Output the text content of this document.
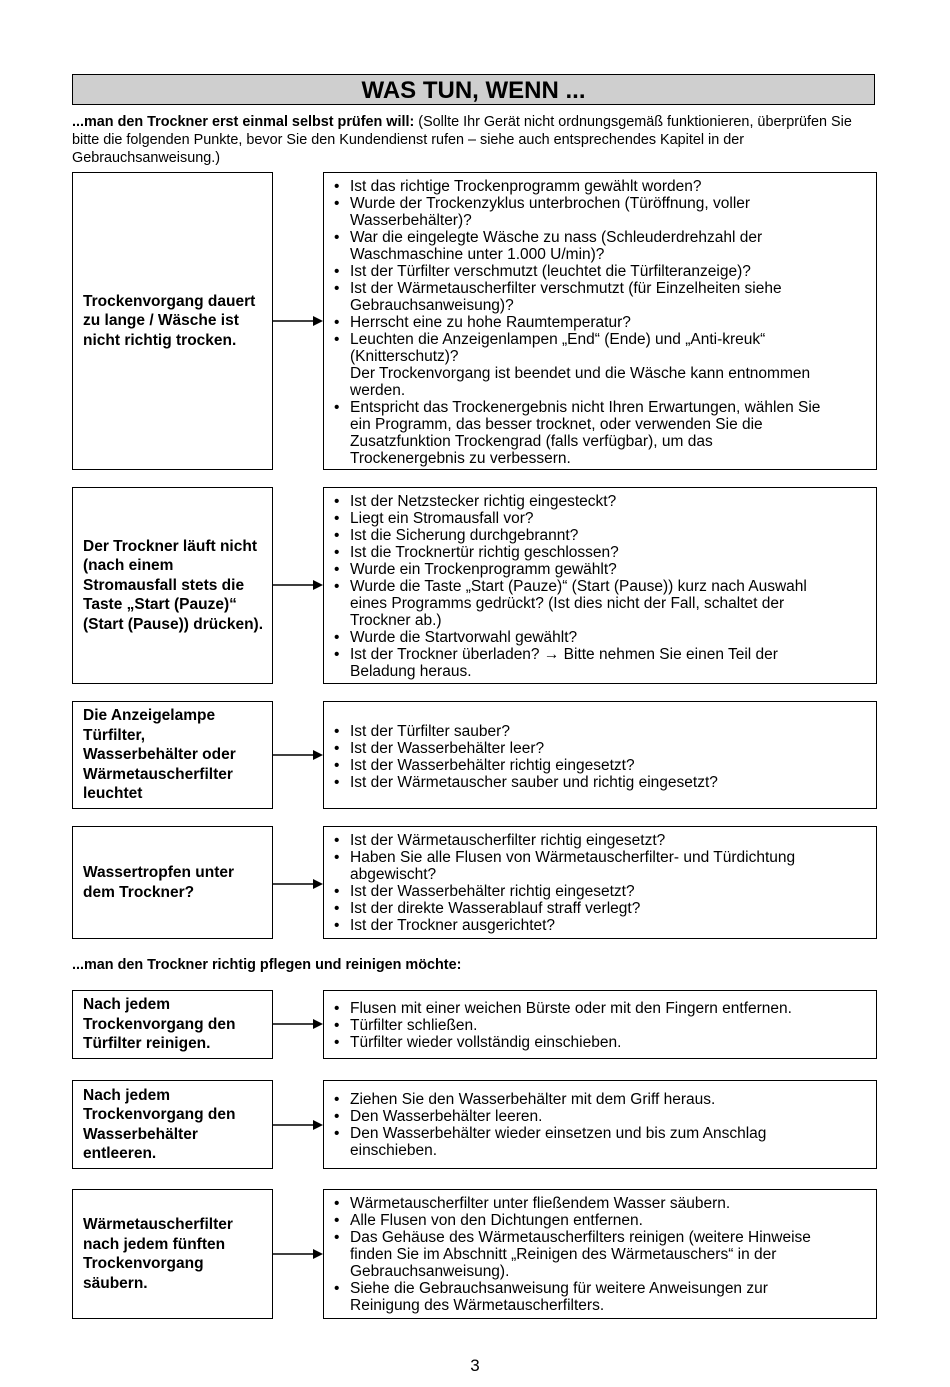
WAS TUN, WENN ...
...man den Trockner erst einmal selbst prüfen will: (Sollte Ihr Gerät nicht ordnungsgemäß funktionieren, überprüfen Sie bitte die folgenden Punkte, bevor Sie den Kundendienst rufen – siehe auch entsprechendes Kapitel in der Gebrauchsanweisung.)
Trockenvorgang dauert zu lange / Wäsche ist nicht richtig trocken.
• Ist das richtige Trockenprogramm gewählt worden?
• Wurde der Trockenzyklus unterbrochen (Türöffnung, voller
Wasserbehälter)?
• War die eingelegte Wäsche zu nass (Schleuderdrehzahl der
Waschmaschine unter 1.000 U/min)?
• Ist der Türfilter verschmutzt (leuchtet die Türfilteranzeige)?
• Ist der Wärmetauscherfilter verschmutzt (für Einzelheiten siehe
Gebrauchsanweisung)?
• Herrscht eine zu hohe Raumtemperatur?
• Leuchten die Anzeigenlampen „End“ (Ende) und „Anti-kreuk“
(Knitterschutz)?
Der Trockenvorgang ist beendet und die Wäsche kann entnommen
werden.
• Entspricht das Trockenergebnis nicht Ihren Erwartungen, wählen Sie
ein Programm, das besser trocknet, oder verwenden Sie die
Zusatzfunktion Trockengrad (falls verfügbar), um das
Trockenergebnis zu verbessern.
Der Trockner läuft nicht (nach einem Stromausfall stets die Taste „Start (Pauze)“ (Start (Pause)) drücken).
• Ist der Netzstecker richtig eingesteckt?
• Liegt ein Stromausfall vor?
• Ist die Sicherung durchgebrannt?
• Ist die Trocknertür richtig geschlossen?
• Wurde ein Trockenprogramm gewählt?
• Wurde die Taste „Start (Pauze)“ (Start (Pause)) kurz nach Auswahl
eines Programms gedrückt? (Ist dies nicht der Fall, schaltet der
Trockner ab.)
• Wurde die Startvorwahl gewählt?
• Ist der Trockner überladen? → Bitte nehmen Sie einen Teil der
Beladung heraus.
Die Anzeigelampe Türfilter, Wasserbehälter oder Wärmetauscherfilter leuchtet
• Ist der Türfilter sauber?
• Ist der Wasserbehälter leer?
• Ist der Wasserbehälter richtig eingesetzt?
• Ist der Wärmetauscher sauber und richtig eingesetzt?
Wassertropfen unter dem Trockner?
• Ist der Wärmetauscherfilter richtig eingesetzt?
• Haben Sie alle Flusen von Wärmetauscherfilter- und Türdichtung
abgewischt?
• Ist der Wasserbehälter richtig eingesetzt?
• Ist der direkte Wasserablauf straff verlegt?
• Ist der Trockner ausgerichtet?
...man den Trockner richtig pflegen und reinigen möchte:
Nach jedem Trockenvorgang den Türfilter reinigen.
• Flusen mit einer weichen Bürste oder mit den Fingern entfernen.
• Türfilter schließen.
• Türfilter wieder vollständig einschieben.
Nach jedem Trockenvorgang den Wasserbehälter entleeren.
• Ziehen Sie den Wasserbehälter mit dem Griff heraus.
• Den Wasserbehälter leeren.
• Den Wasserbehälter wieder einsetzen und bis zum Anschlag
einschieben.
Wärmetauscherfilter nach jedem fünften Trockenvorgang säubern.
• Wärmetauscherfilter unter fließendem Wasser säubern.
• Alle Flusen von den Dichtungen entfernen.
• Das Gehäuse des Wärmetauscherfilters reinigen (weitere Hinweise
finden Sie im Abschnitt „Reinigen des Wärmetauschers“ in der
Gebrauchsanweisung).
• Siehe die Gebrauchsanweisung für weitere Anweisungen zur
Reinigung des Wärmetauscherfilters.
3
